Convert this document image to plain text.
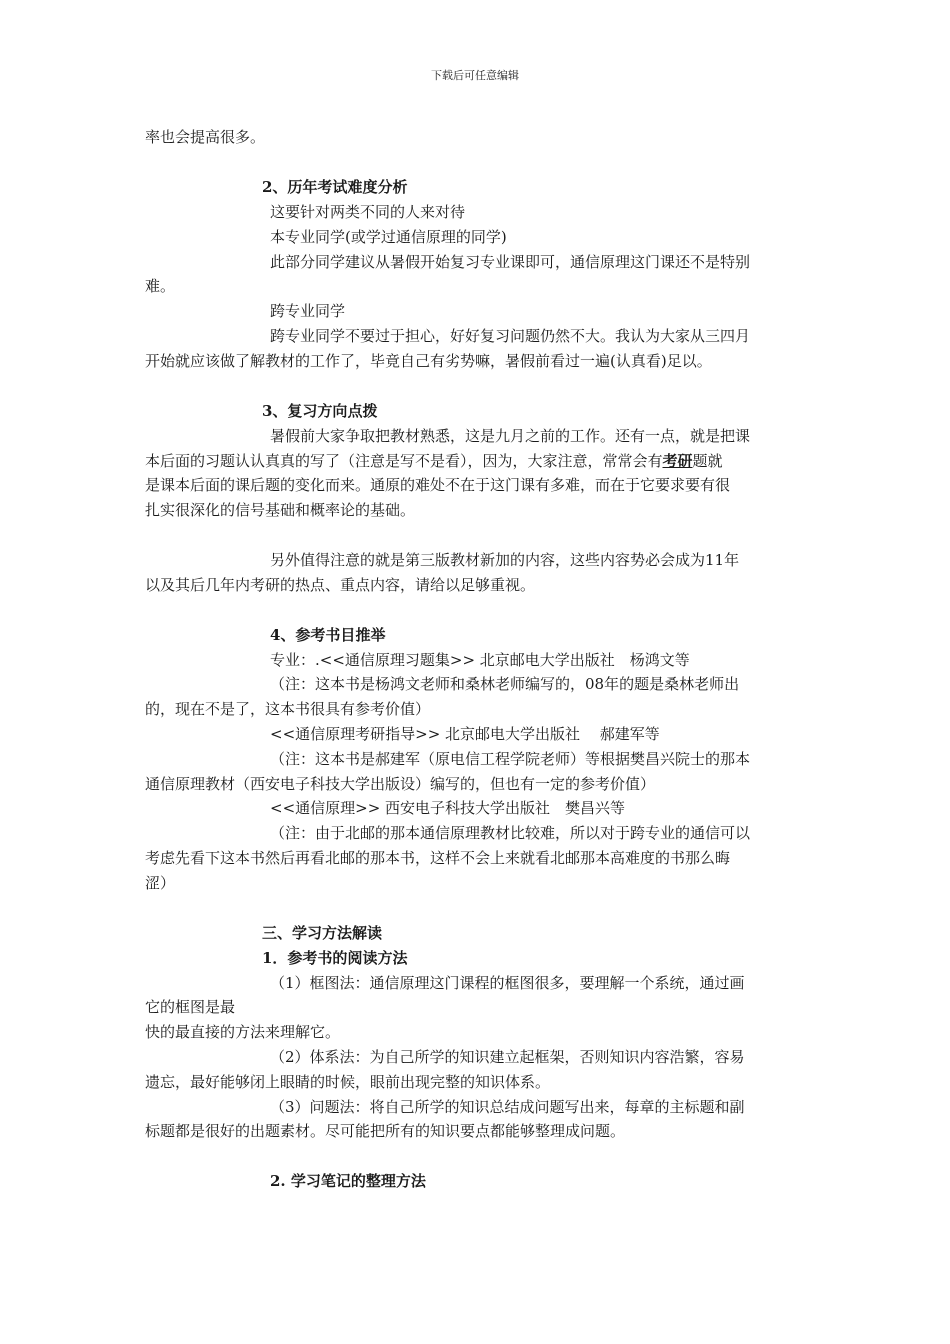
下载后可任意编辑
率也会提高很多。
2、历年考试难度分析
这要针对两类不同的人来对待
本专业同学(或学过通信原理的同学)
此部分同学建议从暑假开始复习专业课即可，通信原理这门课还不是特别
难。
跨专业同学
跨专业同学不要过于担心，好好复习问题仍然不大。我认为大家从三四月
开始就应该做了解教材的工作了，毕竟自己有劣势嘛，暑假前看过一遍(认真看)足以。
3、复习方向点拨
暑假前大家争取把教材熟悉，这是九月之前的工作。还有一点，就是把课
本后面的习题认认真真的写了（注意是写不是看），因为，大家注意，常常会有考研题就
是课本后面的课后题的变化而来。通原的难处不在于这门课有多难，而在于它要求要有很
扎实很深化的信号基础和概率论的基础。
另外值得注意的就是第三版教材新加的内容，这些内容势必会成为11年
以及其后几年内考研的热点、重点内容，请给以足够重视。
4、参考书目推举
专业：.<<通信原理习题集>> 北京邮电大学出版社　杨鸿文等
（注：这本书是杨鸿文老师和桑林老师编写的，08年的题是桑林老师出
的，现在不是了，这本书很具有参考价值）
<<通信原理考研指导>> 北京邮电大学出版社　 郝建军等
（注：这本书是郝建军（原电信工程学院老师）等根据樊昌兴院士的那本
通信原理教材（西安电子科技大学出版设）编写的，但也有一定的参考价值）
<<通信原理>> 西安电子科技大学出版社　樊昌兴等
（注：由于北邮的那本通信原理教材比较难，所以对于跨专业的通信可以
考虑先看下这本书然后再看北邮的那本书，这样不会上来就看北邮那本高难度的书那么晦
涩）
三、学习方法解读
1．参考书的阅读方法
（1）框图法：通信原理这门课程的框图很多，要理解一个系统，通过画
它的框图是最
快的最直接的方法来理解它。
（2）体系法：为自己所学的知识建立起框架，否则知识内容浩繁，容易
遗忘，最好能够闭上眼睛的时候，眼前出现完整的知识体系。
（3）问题法：将自己所学的知识总结成问题写出来，每章的主标题和副
标题都是很好的出题素材。尽可能把所有的知识要点都能够整理成问题。
2. 学习笔记的整理方法
